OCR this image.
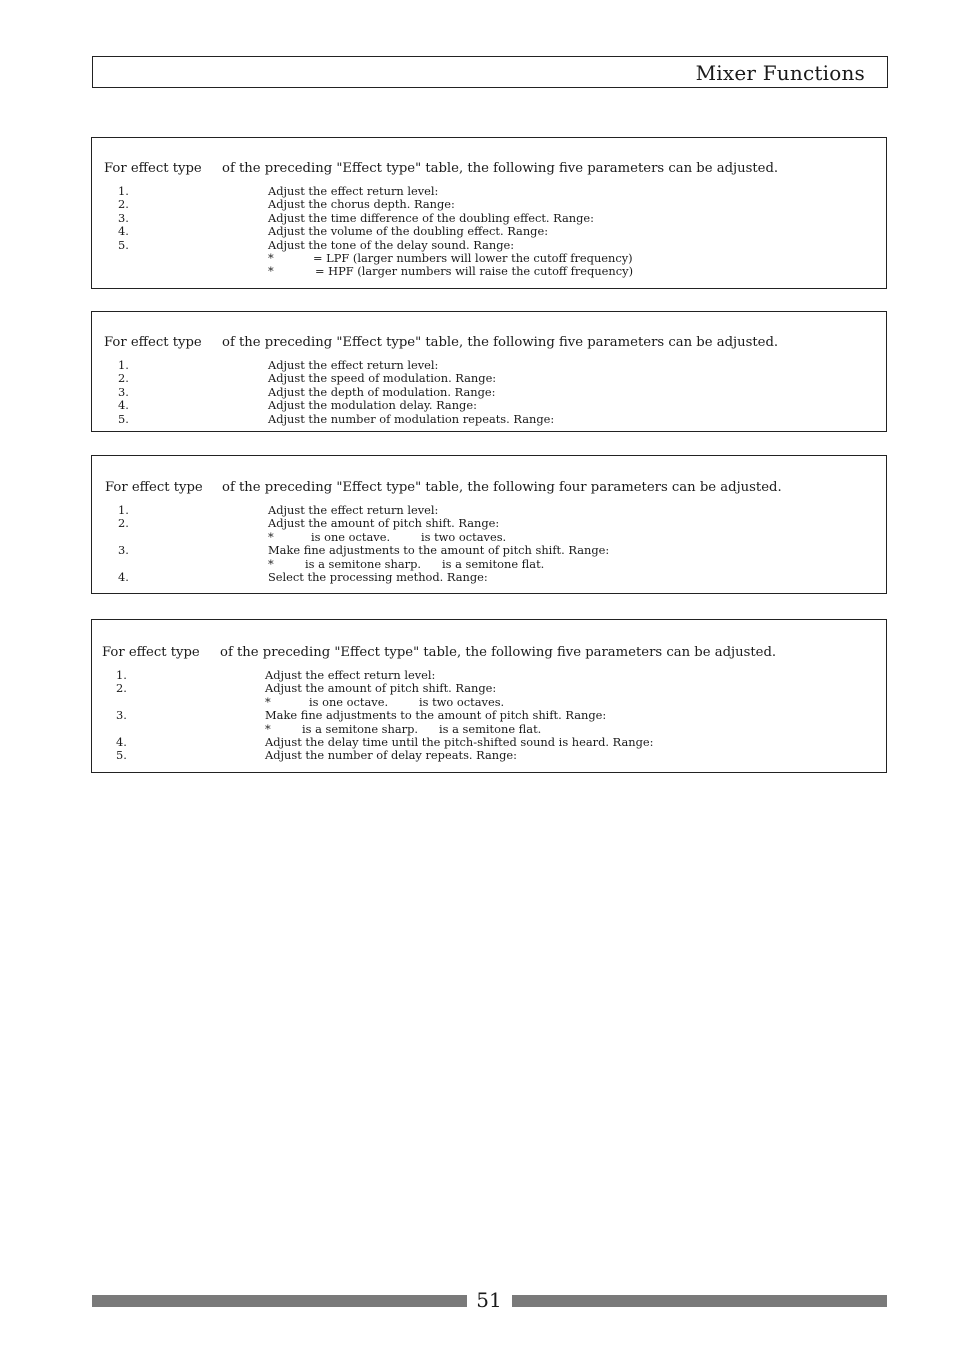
Mixer Functions
For effect type of the preceding "Effect type" table, the following five parameters can be adjusted.
1.	Adjust the effect return level:
2.	Adjust the chorus depth. Range:
3.	Adjust the time difference of the doubling effect. Range:
4.	Adjust the volume of the doubling effect. Range:
5.	Adjust the tone of the delay sound. Range:
*	= LPF (larger numbers will lower the cutoff frequency)
*	= HPF (larger numbers will raise the cutoff frequency)
For effect type of the preceding "Effect type" table, the following five parameters can be adjusted.
1.	Adjust the effect return level:
2.	Adjust the speed of modulation. Range:
3.	Adjust the depth of modulation. Range:
4.	Adjust the modulation delay. Range:
5.	Adjust the number of modulation repeats. Range:
For effect type of the preceding "Effect type" table, the following four parameters can be adjusted.
1.	Adjust the effect return level:
2.	Adjust the amount of pitch shift. Range:
*	is one octave.	is two octaves.
3.	Make fine adjustments to the amount of pitch shift. Range:
*	is a semitone sharp. is a semitone flat.
4.	Select the processing method. Range:
For effect type of the preceding "Effect type" table, the following five parameters can be adjusted.
1.	Adjust the effect return level:
2.	Adjust the amount of pitch shift. Range:
*	is one octave.	is two octaves.
3.	Make fine adjustments to the amount of pitch shift. Range:
*	is a semitone sharp. is a semitone flat.
4.	Adjust the delay time until the pitch-shifted sound is heard. Range:
5.	Adjust the number of delay repeats. Range:
51
